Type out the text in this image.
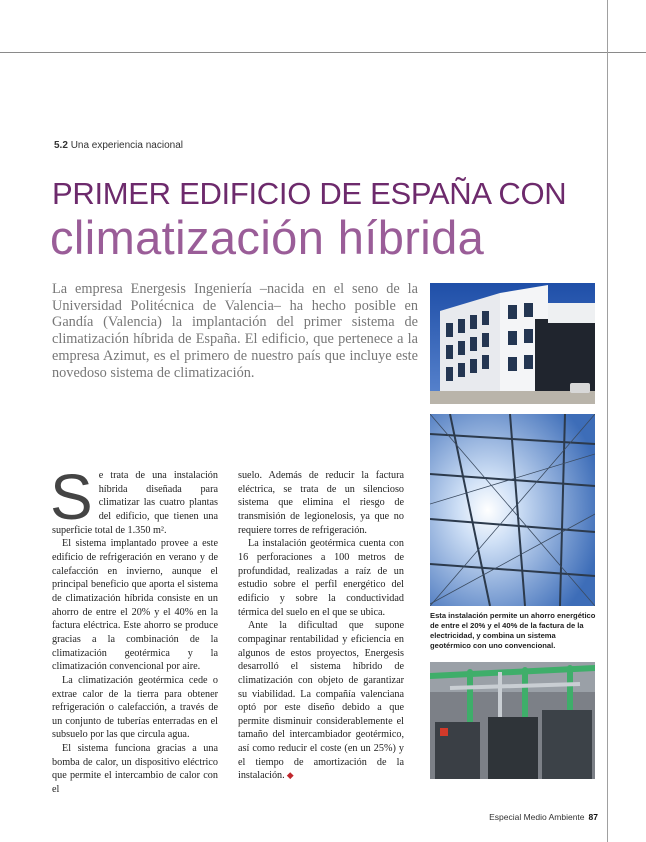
5.2 Una experiencia nacional
PRIMER EDIFICIO DE ESPAÑA CON
climatización híbrida
La empresa Energesis Ingeniería –nacida en el seno de la Universidad Politécnica de Valencia– ha hecho posible en Gandía (Valencia) la implantación del primer sistema de climatización híbrida de España. El edificio, que pertenece a la empresa Azimut, es el primero de nuestro país que incluye este novedoso sistema de climatización.

Se trata de una instalación híbrida diseñada para climatizar las cuatro plantas del edificio, que tienen una superficie total de 1.350 m².

El sistema implantado provee a este edificio de refrigeración en verano y de calefacción en invierno, aunque el principal beneficio que aporta el sistema de climatización híbrida consiste en un ahorro de entre el 20% y el 40% en la factura eléctrica. Este ahorro se produce gracias a la combinación de la climatización geotérmica y la climatización convencional por aire.

La climatización geotérmica cede o extrae calor de la tierra para obtener refrigeración o calefacción, a través de un conjunto de tuberías enterradas en el subsuelo por las que circula agua.

El sistema funciona gracias a una bomba de calor, un dispositivo eléctrico que permite el intercambio de calor con el

suelo. Además de reducir la factura eléctrica, se trata de un silencioso sistema que elimina el riesgo de transmisión de legionelosis, ya que no requiere torres de refrigeración.

La instalación geotérmica cuenta con 16 perforaciones a 100 metros de profundidad, realizadas a raíz de un estudio sobre el perfil energético del edificio y sobre la conductividad térmica del suelo en el que se ubica.

Ante la dificultad que supone compaginar rentabilidad y eficiencia en algunos de estos proyectos, Energesis desarrolló el sistema híbrido de climatización con objeto de garantizar su viabilidad. La compañía valenciana optó por este diseño debido a que permite disminuir considerablemente el tamaño del intercambiador geotérmico, así como reducir el coste (en un 25%) y el tiempo de amortización de la instalación. ◆

Esta instalación permite un ahorro energético de entre el 20% y el 40% de la factura de la electricidad, y combina un sistema geotérmico con uno convencional.
Especial Medio Ambiente 87
